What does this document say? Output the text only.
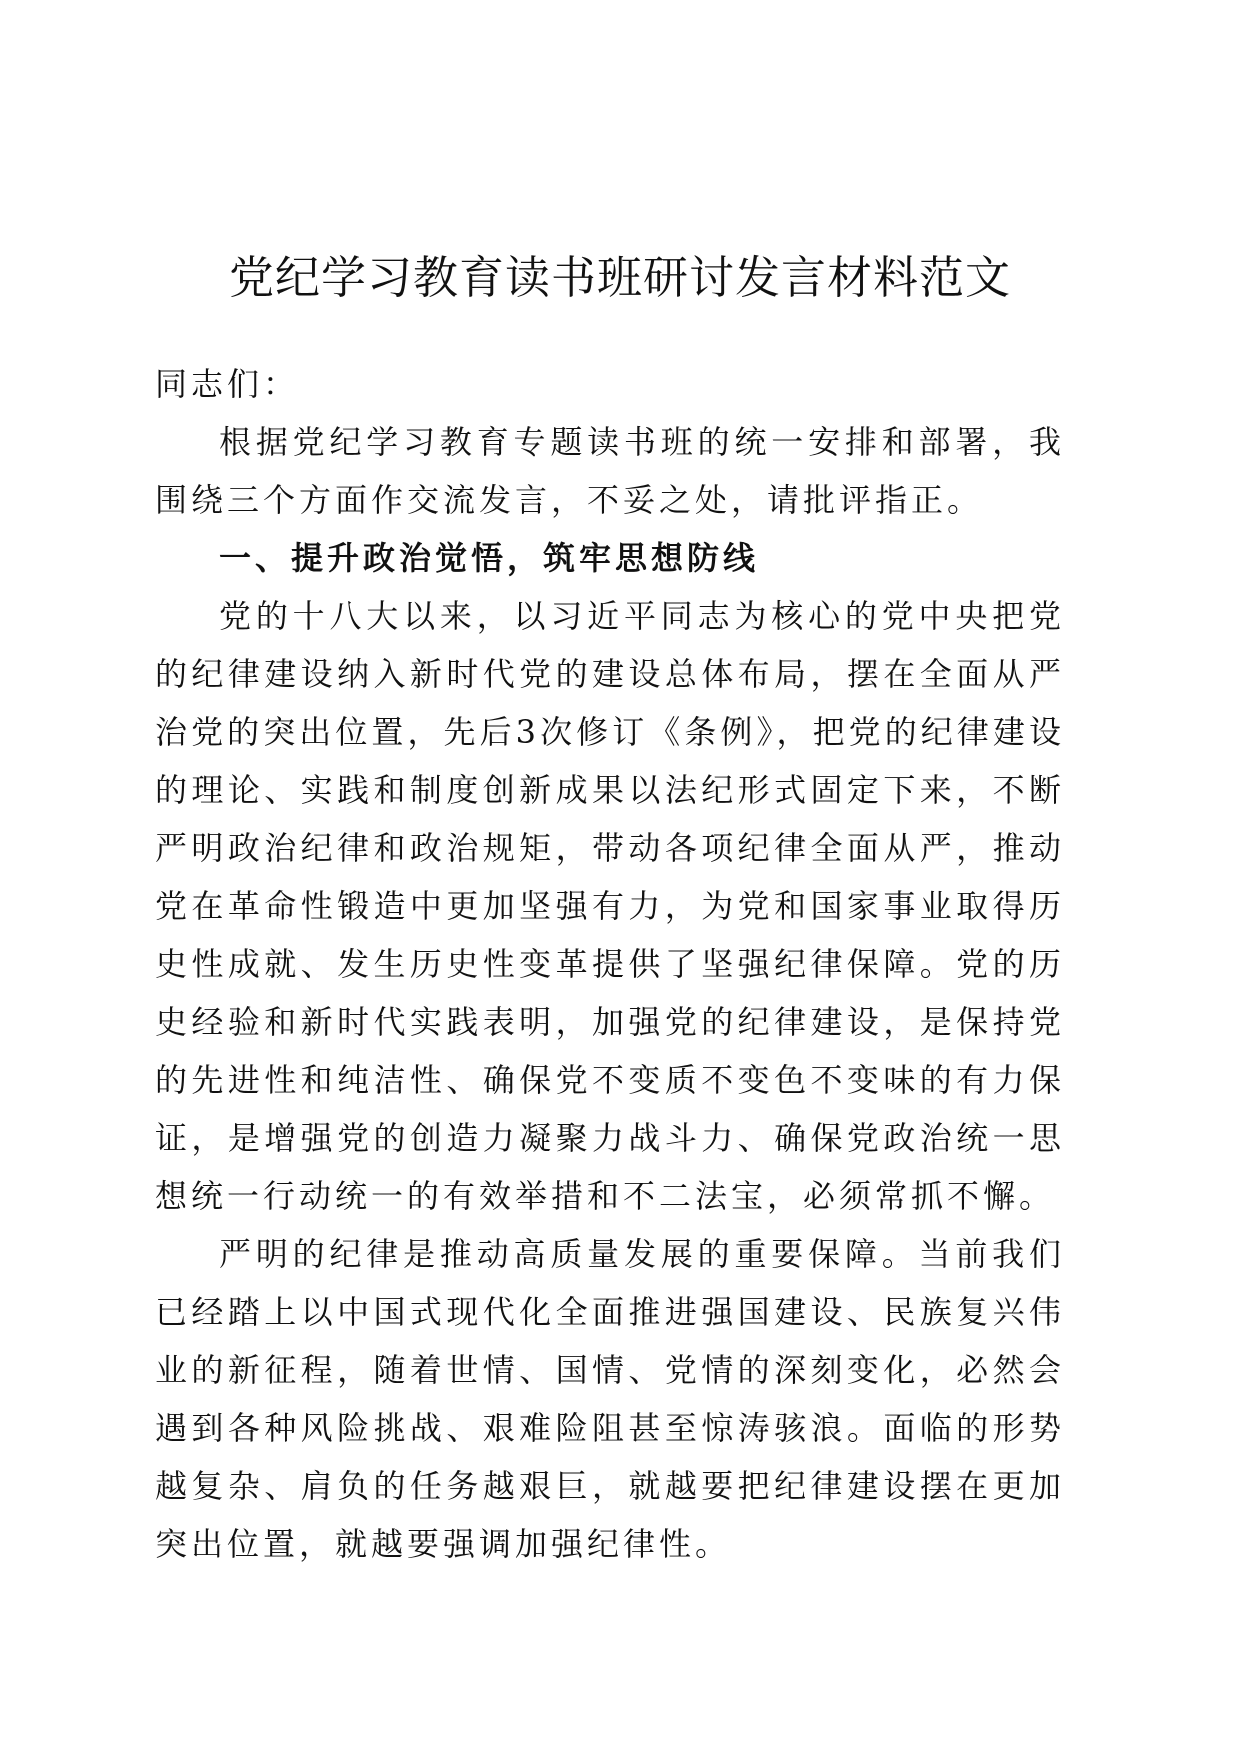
党纪学习教育读书班研讨发言材料范文

同志们：

根据党纪学习教育专题读书班的统一安排和部署，我围绕三个方面作交流发言，不妥之处，请批评指正。

一、提升政治觉悟，筑牢思想防线

党的十八大以来，以习近平同志为核心的党中央把党的纪律建设纳入新时代党的建设总体布局，摆在全面从严治党的突出位置，先后3次修订《条例》，把党的纪律建设的理论、实践和制度创新成果以法纪形式固定下来，不断严明政治纪律和政治规矩，带动各项纪律全面从严，推动党在革命性锻造中更加坚强有力，为党和国家事业取得历史性成就、发生历史性变革提供了坚强纪律保障。党的历史经验和新时代实践表明，加强党的纪律建设，是保持党的先进性和纯洁性、确保党不变质不变色不变味的有力保证，是增强党的创造力凝聚力战斗力、确保党政治统一思想统一行动统一的有效举措和不二法宝，必须常抓不懈。

严明的纪律是推动高质量发展的重要保障。当前我们已经踏上以中国式现代化全面推进强国建设、民族复兴伟业的新征程，随着世情、国情、党情的深刻变化，必然会遇到各种风险挑战、艰难险阻甚至惊涛骇浪。面临的形势越复杂、肩负的任务越艰巨，就越要把纪律建设摆在更加突出位置，就越要强调加强纪律性。
